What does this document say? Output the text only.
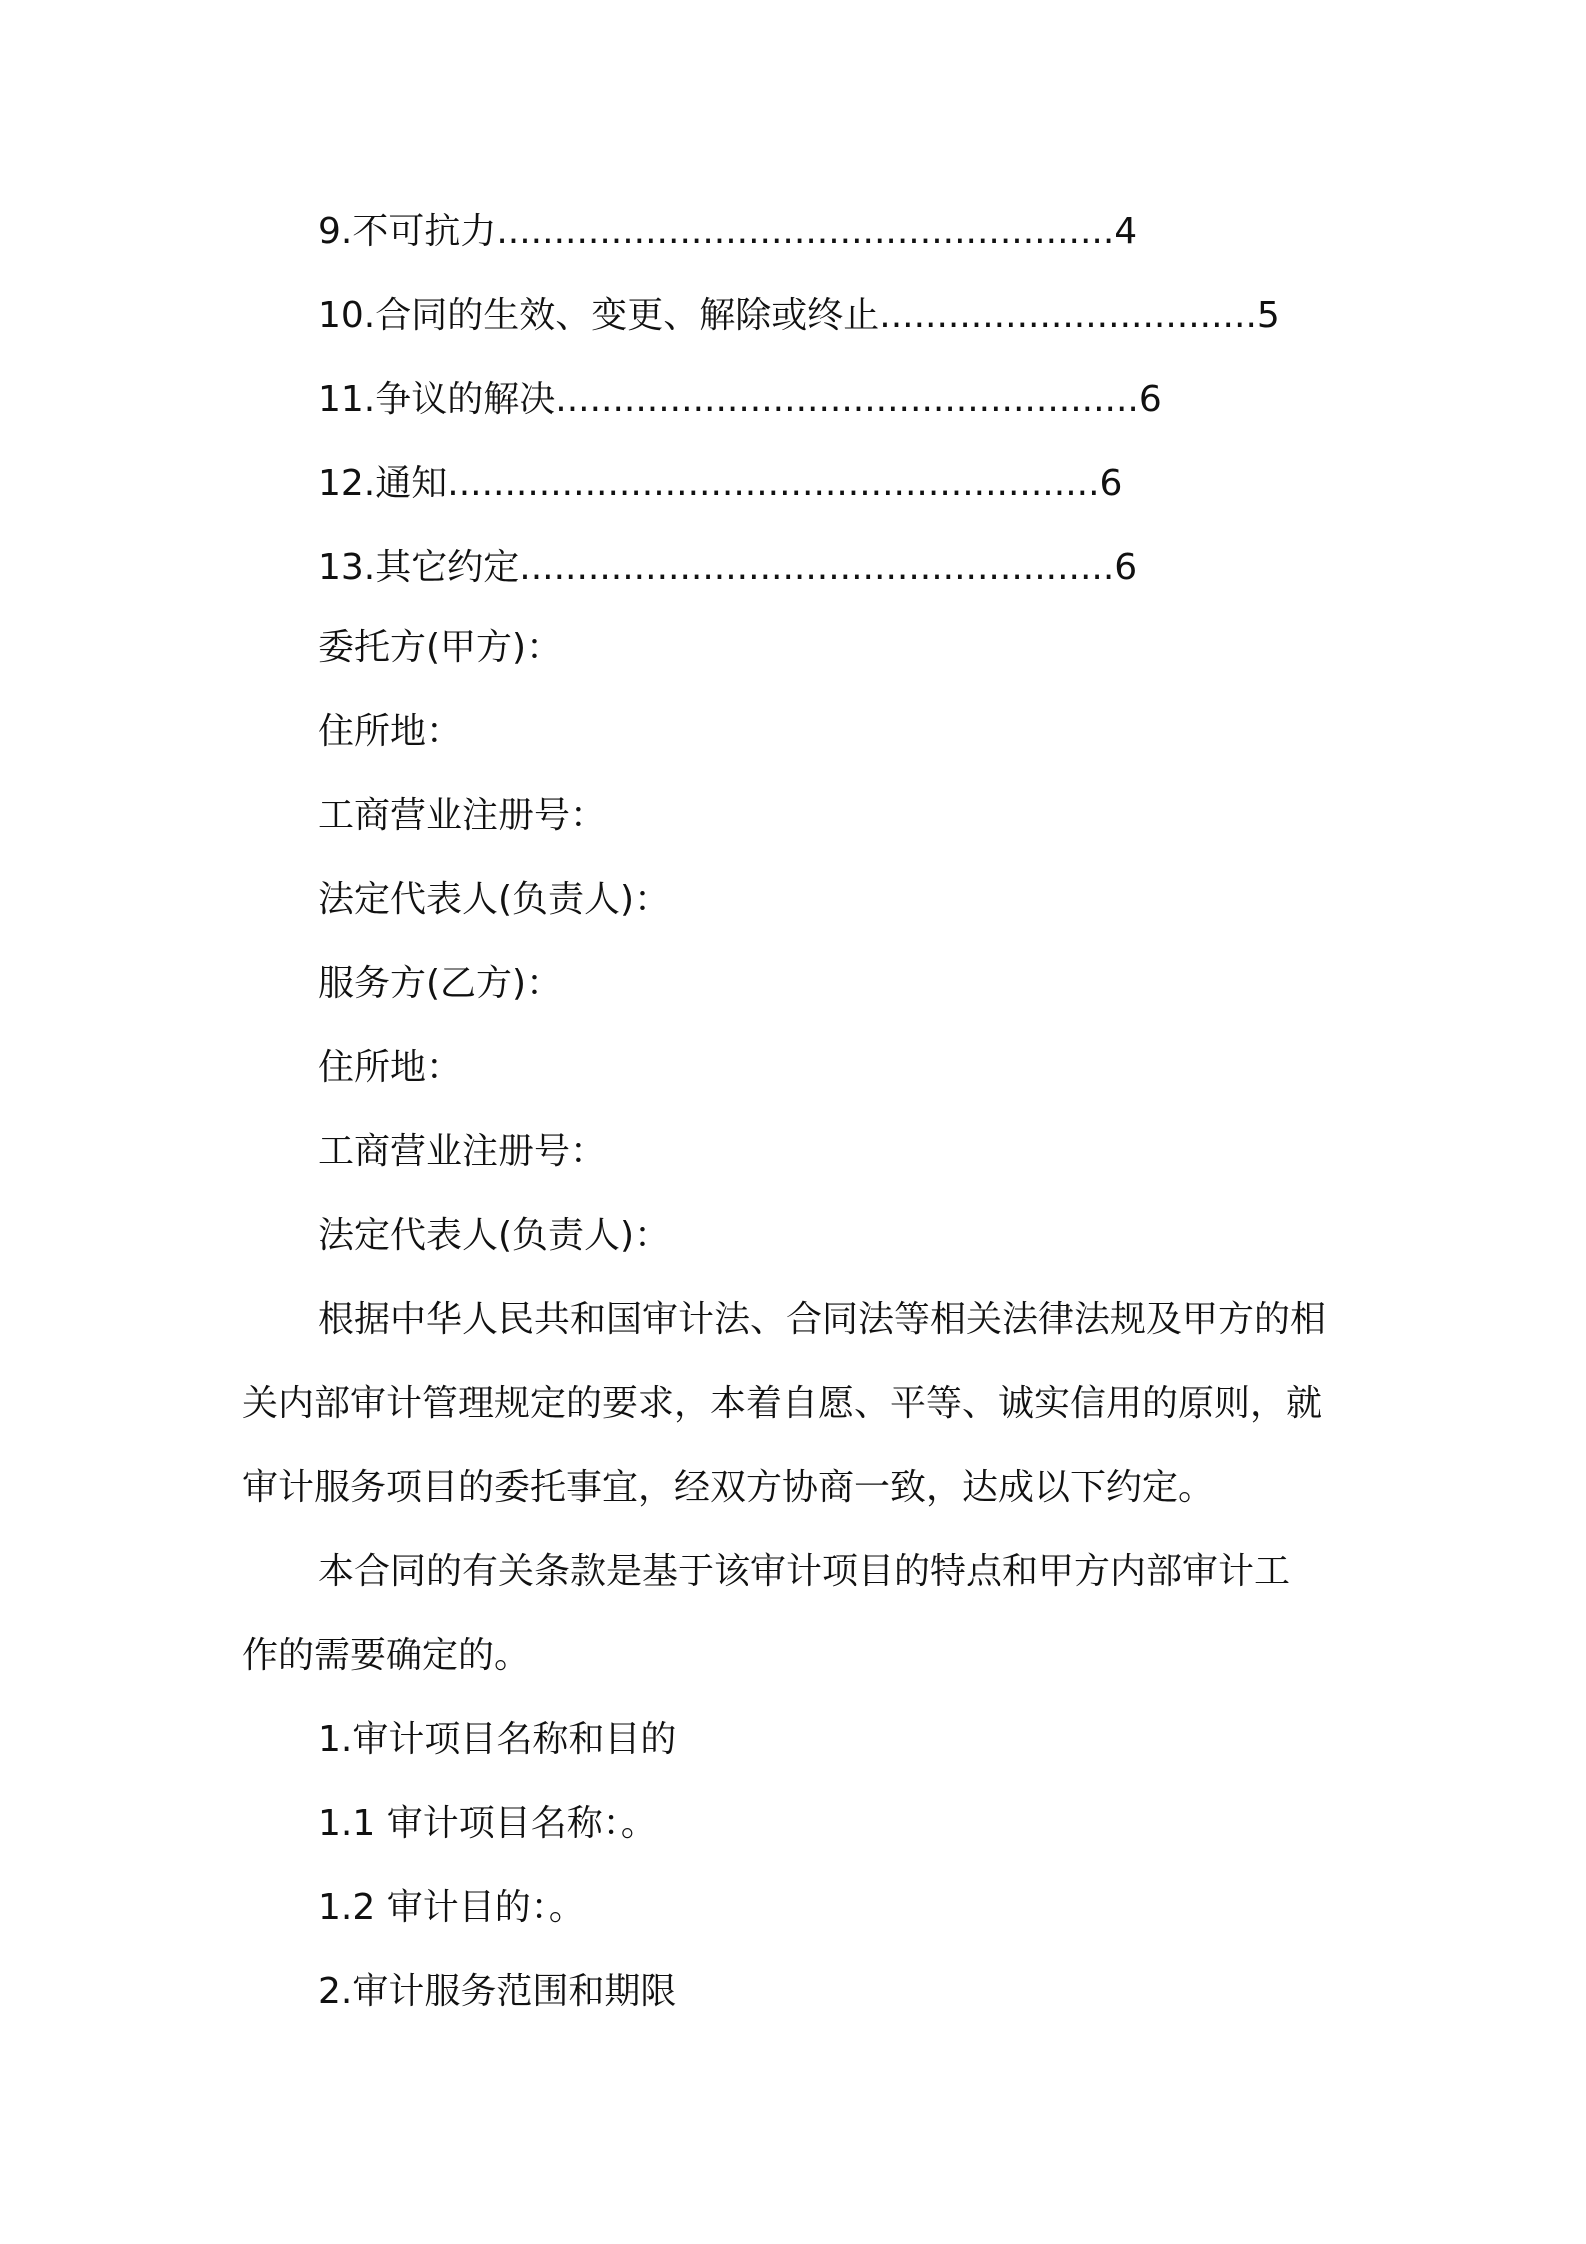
9.不可抗力......................................................4
10.合同的生效、变更、解除或终止.................................5
11.争议的解决...................................................6
12.通知.........................................................6
13.其它约定....................................................6
委托方(甲方)：
住所地：
工商营业注册号：
法定代表人(负责人)：
服务方(乙方)：
住所地：
工商营业注册号：
法定代表人(负责人)：
根据中华人民共和国审计法、合同法等相关法律法规及甲方的相
关内部审计管理规定的要求，本着自愿、平等、诚实信用的原则，就
审计服务项目的委托事宜，经双方协商一致，达成以下约定。
本合同的有关条款是基于该审计项目的特点和甲方内部审计工
作的需要确定的。
1.审计项目名称和目的
1.1 审计项目名称：。
1.2 审计目的：。
2.审计服务范围和期限
